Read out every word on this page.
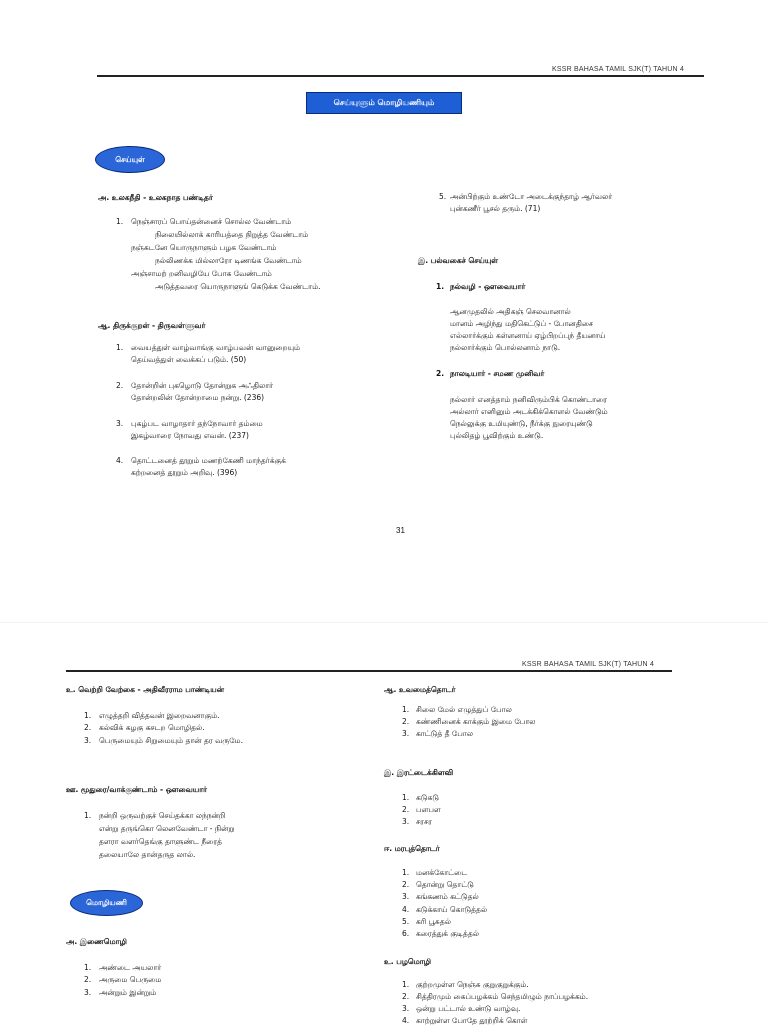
KSSR BAHASA TAMIL SJK(T) TAHUN 4
செய்யுளும் மொழியணியும்
செய்யுள்
அ. உலகநீதி - உலகநாத பண்டிதர்
1. நெஞ்சாரப் பொய்தன்னைச் சொல்ல வேண்டாம்
நிலையில்லாக் காரியத்தை நிறுத்த வேண்டாம்
நஞ்சுடனே யொருநாளும் பழக வேண்டாம்
நல்லிணக்க மில்லாரோ டிணங்க வேண்டாம்
அஞ்சாமற் றனிவழியே போக வேண்டாம்
அடுத்தவரை யொருநாளுங் கெடுக்க வேண்டாம்.
ஆ. திருக்குறள் - திருவள்ளுவர்
1. வையத்துள் வாழ்வாங்கு வாழ்பவன் வானுறையும்
தெய்வத்துள் வைக்கப் படும். (50)
2. தோன்றின் புகழொடு தோன்றுக அஃதிலார்
தோன்றலின் தோன்றாமை நன்று. (236)
3. புகழ்பட வாழாதார் தந்நோவார் தம்மை
இகழ்வாரை நோவது எவன். (237)
4. தொட்டனைத் தூறும் மணற்கேணி மாந்தர்க்குக்
கற்றனைத் தூறும் அறிவு. (396)
5. அன்பிற்கும் உண்டோ அடைக்குந்தாழ் ஆர்வலர்
புன்கணீர் பூசல் தரும். (71)
இ. பல்வகைச் செய்யுள்
1. நல்வழி - ஔவையார்
ஆனமுதலில் அதிகஞ் செலவானால்
மானம் அழிந்து மதிகெட்டுப் - போனதிசை
எல்லார்க்கும் கள்ளனாய் ஏழ்பிறப்புந் தீயனாய்
நல்லார்க்கும் பொல்லனாம் நாடு.
2. நாலடியார் - சமண முனிவர்
நல்லார் எனத்தாம் நனிவிரும்பிக் கொண்டாரை
அல்லார் எனினும் அடக்கிக்கொளல் வேண்டும்
நெல்லுக்கு உமியுண்டு, நீர்க்கு நுரையுண்டு
புல்லிதழ் பூவிற்கும் உண்டு.
31
KSSR BAHASA TAMIL SJK(T) TAHUN 4
உ. வெற்றி வேற்கை - அதிவீரராம பாண்டியன்
1. எழுத்தறி வித்தவன் இறைவனாகும்.
2. கல்விக் கழகு கசடற மொழிதல்.
3. பெருமையும் சிறுமையும் தான் தர வருமே.
ஊ. மூதுரை/வாக்குண்டாம் - ஔவையார்
1. நன்றி ஒருவற்குச் செய்தக்கா லந்நன்றி
என்று தருங்கொ லெனவேண்டா - நின்று
தளரா வளர்தெங்கு தாளுண்ட நீரைத்
தலையாலே தான்தருத லால்.
மொழியணி
அ. இணைமொழி
1. அண்டை அயலார்
2. அருமை பெருமை
3. அன்றும் இன்றும்
ஆ. உவமைத்தொடர்
1. சிலை மேல் எழுத்துப் போல
2. கண்ணினைக் காக்கும் இமை போல
3. காட்டுத் தீ போல
இ. இரட்டைக்கிளவி
1. கடுகடு
2. பளபள
3. சரசர
ஈ. மரபுத்தொடர்
1. மனக்கோட்டை
2. தொன்று தொட்டு
3. கங்கணம் கட்டுதல்
4. கடுக்காய் கொடுத்தல்
5. கரி பூசுதல்
6. கரைத்துக் குடித்தல்
உ. பழமொழி
1. குற்றமுள்ள நெஞ்சு குறுகுறுக்கும்.
2. சித்திரமும் கைப்பழக்கம் செந்தமிழும் நாப்பழக்கம்.
3. ஒன்று பட்டால் உண்டு வாழ்வு.
4. காற்றுள்ள போதே தூற்றிக் கொள்
